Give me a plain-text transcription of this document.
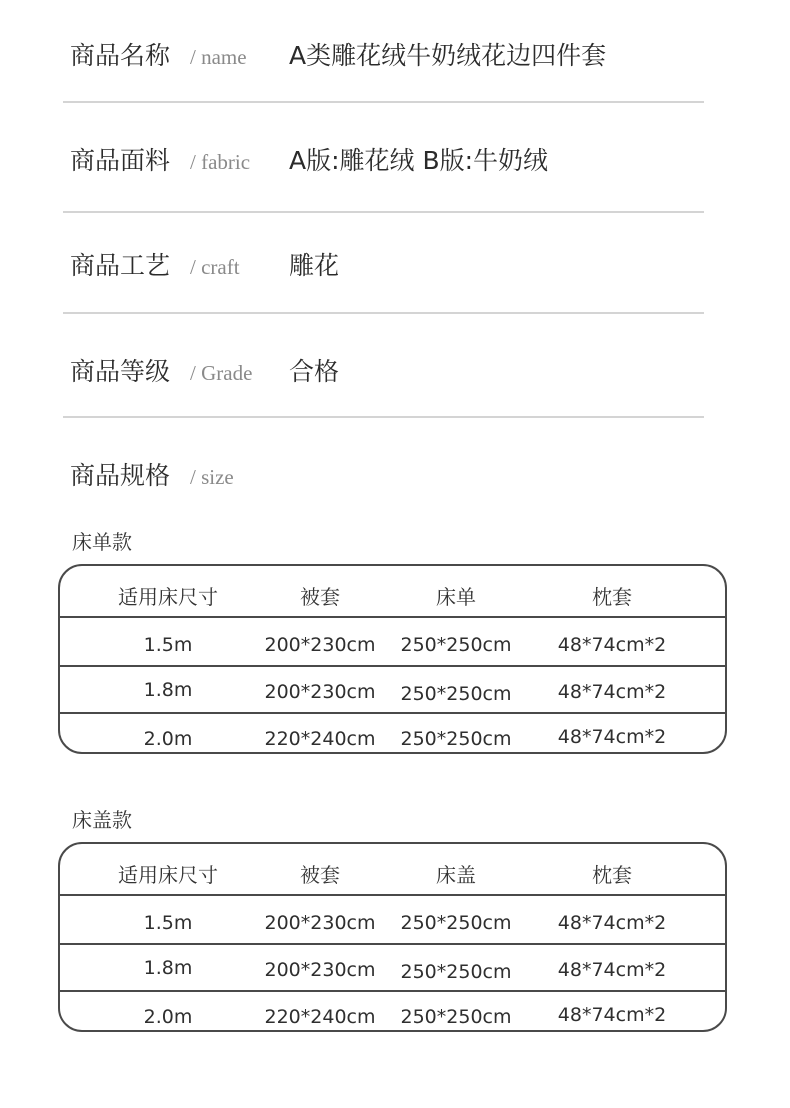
商品名称 / name A类雕花绒牛奶绒花边四件套
商品面料 / fabric A版:雕花绒 B版:牛奶绒
商品工艺 / craft 雕花
商品等级 / Grade 合格
商品规格 / size
床单款
适用床尺寸	被套	床单	枕套
1.5m	200*230cm	250*250cm	48*74cm*2
1.8m	200*230cm	250*250cm	48*74cm*2
2.0m	220*240cm	250*250cm	48*74cm*2
床盖款
适用床尺寸	被套	床盖	枕套
1.5m	200*230cm	250*250cm	48*74cm*2
1.8m	200*230cm	250*250cm	48*74cm*2
2.0m	220*240cm	250*250cm	48*74cm*2
